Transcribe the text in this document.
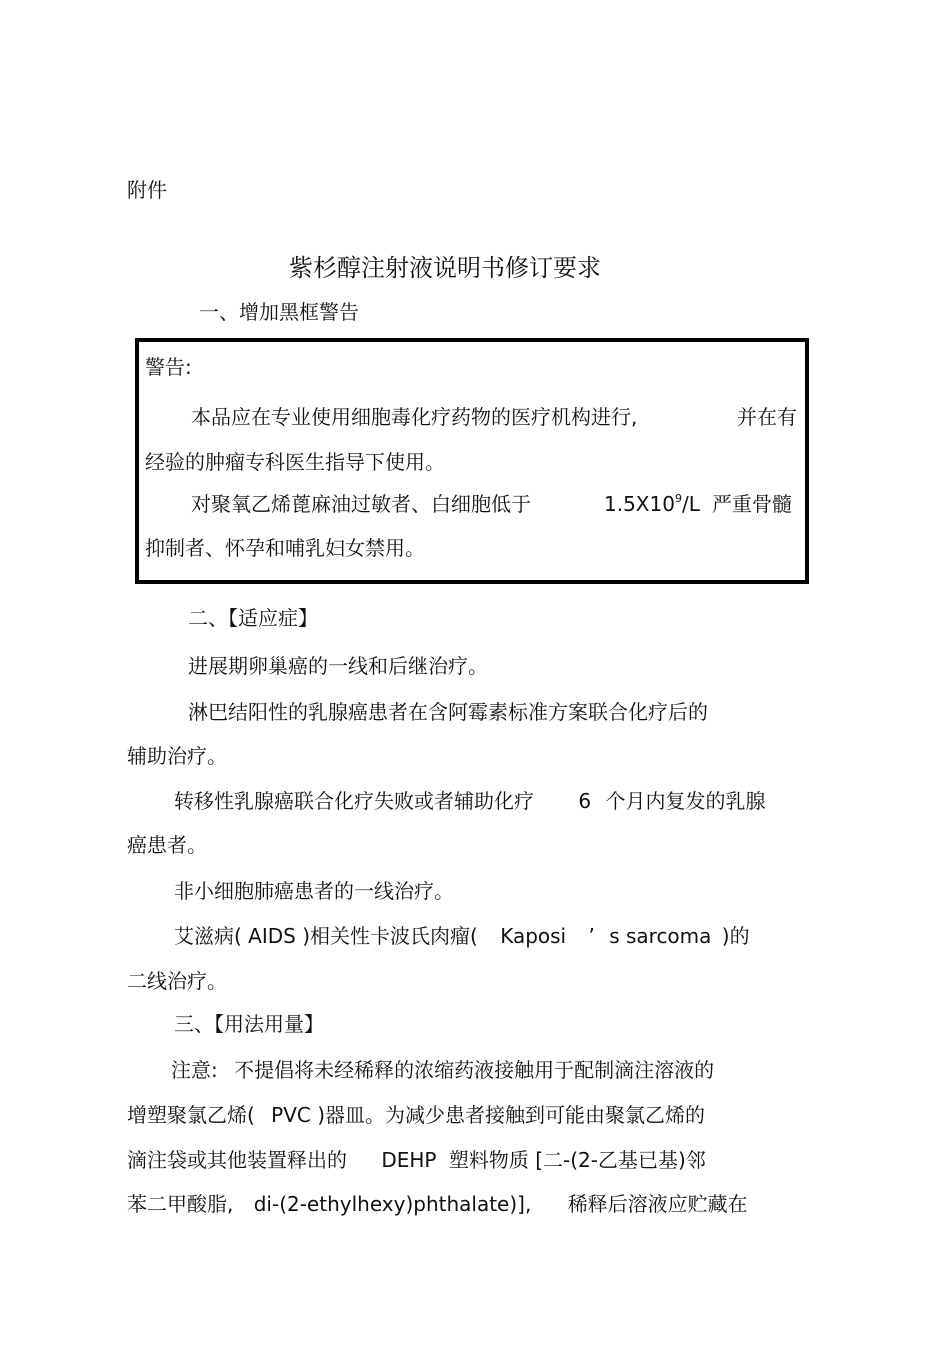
附件
紫杉醇注射液说明书修订要求
一、增加黑框警告
警告:
本品应在专业使用细胞毒化疗药物的医疗机构进行,	并在有
经验的肿瘤专科医生指导下使用。
对聚氧乙烯蓖麻油过敏者、白细胞低于	$1.5X10^9/L$ 严重骨髓
抑制者、怀孕和哺乳妇女禁用。
二、【适应症】
进展期卵巢癌的一线和后继治疗。
淋巴结阳性的乳腺癌患者在含阿霉素标准方案联合化疗后的
辅助治疗。
转移性乳腺癌联合化疗失败或者辅助化疗 6 个月内复发的乳腺
癌患者。
非小细胞肺癌患者的一线治疗。
艾滋病( AIDS )相关性卡波氏肉瘤( Kaposi ’ s sarcoma )的
二线治疗。
三、【用法用量】
注意: 不提倡将未经稀释的浓缩药液接触用于配制滴注溶液的
增塑聚氯乙烯( PVC )器皿。为减少患者接触到可能由聚氯乙烯的
滴注袋或其他装置释出的 DEHP 塑料物质 [二-(2-乙基已基)邻
苯二甲酸脂, di-(2-ethylhexy)phthalate)], 稀释后溶液应贮藏在
